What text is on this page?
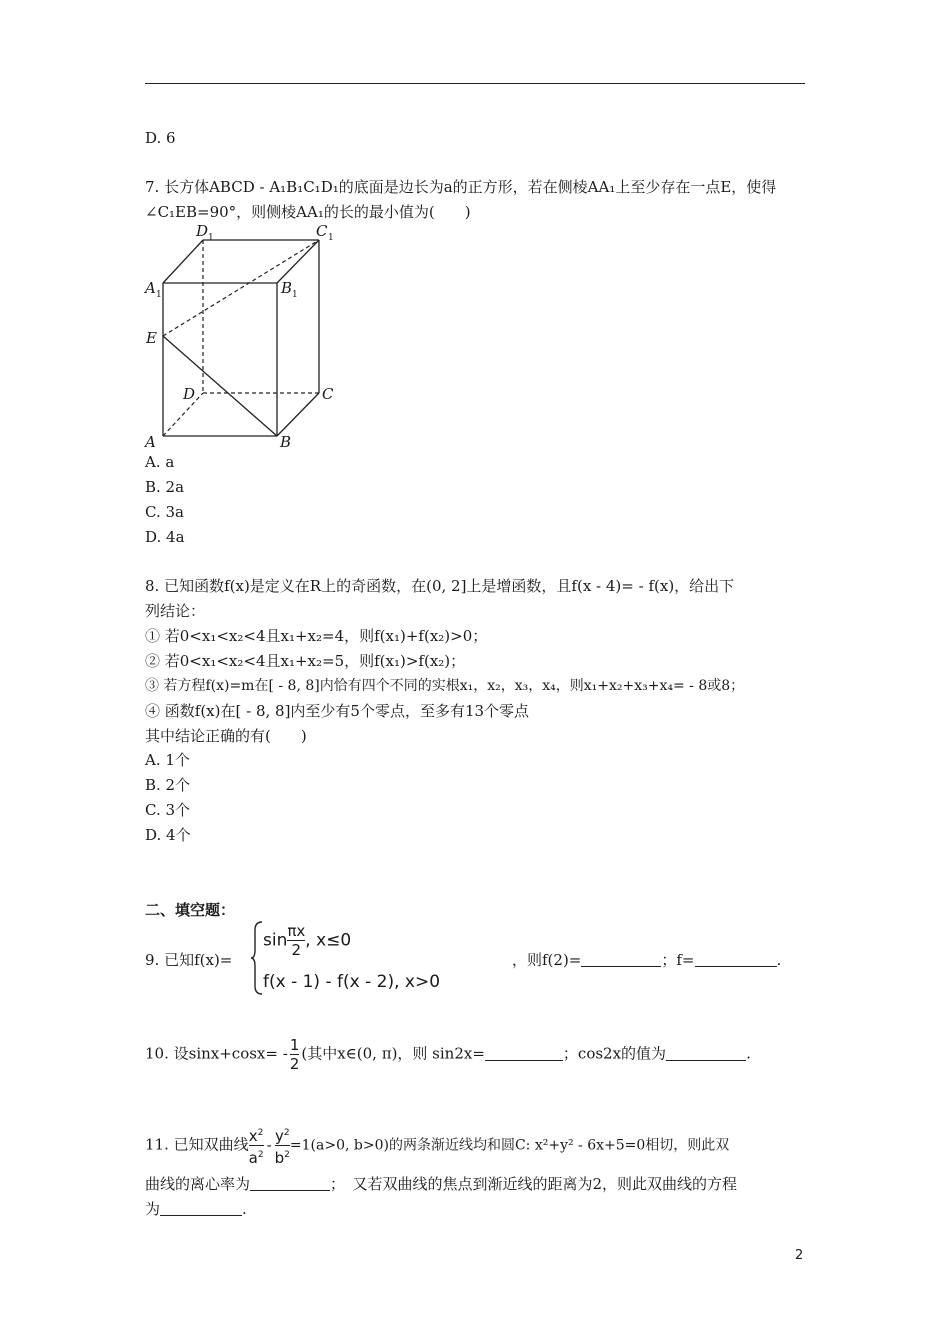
D. 6
7. 长方体ABCD - A₁B₁C₁D₁的底面是边长为a的正方形，若在侧棱AA₁上至少存在一点E，使得
∠C₁EB=90°，则侧棱AA₁的长的最小值为(　　)
D 1	C 1
A 1	B 1
E
D	C
A	B
A. a
B. 2a
C. 3a
D. 4a
8. 已知函数f(x)是定义在R上的奇函数，在(0, 2]上是增函数，且f(x - 4)= - f(x)，给出下
列结论：
① 若0<x₁<x₂<4且x₁+x₂=4，则f(x₁)+f(x₂)>0；
② 若0<x₁<x₂<4且x₁+x₂=5，则f(x₁)>f(x₂)；
③ 若方程f(x)=m在[ - 8, 8]内恰有四个不同的实根x₁，x₂，x₃，x₄，则x₁+x₂+x₃+x₄= - 8或8；
④ 函数f(x)在[ - 8, 8]内至少有5个零点，至多有13个零点
其中结论正确的有(　　)
A. 1个
B. 2个
C. 3个
D. 4个
二、填空题：
9. 已知f(x)=
$\sin \frac{\pi x}{2}$ , x≤0
f(x - 1) - f(x - 2), x>0
，则f(2)=	；f=	.
10. 设$\sin x+\cos x= - \frac{1}{2}$ (其中x∈(0, π)，则 sin2x=	；cos2x的值为	.
11. 已知双曲线 $\frac{x^2}{a^2} - \frac{y^2}{b^2} =1(a>0$, b>0)的两条渐近线均和圆C: x²+y² - 6x+5=0相切，则此双
曲线的离心率为	；　又若双曲线的焦点到渐近线的距离为2，则此双曲线的方程
为	.
2
